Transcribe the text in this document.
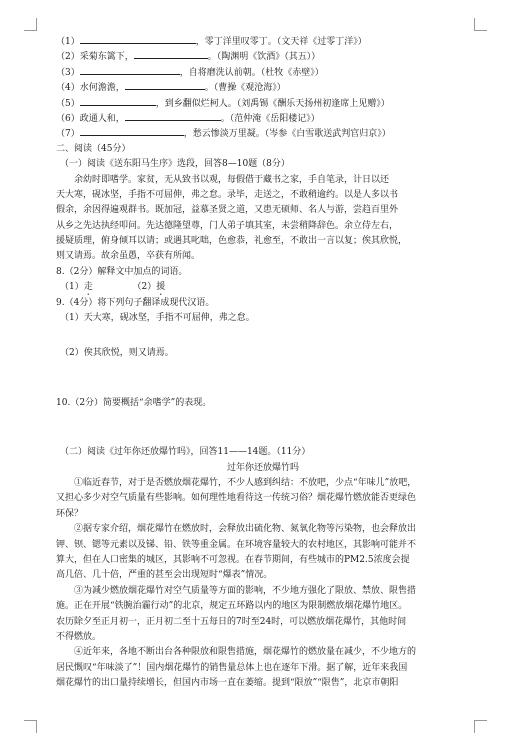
（1）	，零丁洋里叹零丁。（文天祥《过零丁洋》）
（2）采菊东篱下，	。（陶渊明《饮酒》（其五））
（3）	，自将磨洗认前朝。（杜牧《赤壁》）
（4）水何澹澹，	。（曹操《观沧海》）
（5）	，到乡翻似烂柯人。（刘禹锡《酬乐天扬州初逢席上见赠》）
（6）政通人和，	。（范仲淹《岳阳楼记》）
（7）	，愁云惨淡万里凝。（岑参《白雪歌送武判官归京》）
二、阅读（45分）
（一）阅读《送东阳马生序》选段，回答8—10题（8分）
余幼时即嗜学。家贫，无从致书以观，每假借于藏书之家，手自笔录，计日以还
天大寒，砚冰坚，手指不可屈伸，弗之怠。录毕，走送之，不敢稍逾约。以是人多以书
假余，余因得遍观群书。既加冠，益慕圣贤之道，又患无硕师、名人与游，尝趋百里外
从乡之先达执经叩问。先达德隆望尊，门人弟子填其室，未尝稍降辞色。余立侍左右，
援疑质理，俯身倾耳以请；或遇其叱咄，色愈恭，礼愈至，不敢出一言以复；俟其欣悦，
则又请焉。故余虽愚，卒获有所闻。
8.（2分）解释文中加点的词语。
（1）走	（2）援
9.（4分）将下列句子翻译成现代汉语。
（1）天大寒，砚冰坚，手指不可屈伸，弗之怠。
（2）俟其欣悦，则又请焉。
10.（2分）简要概括“余嗜学”的表现。
（二）阅读《过年你还放爆竹吗》，回答11——14题。（11分）
过年你还放爆竹吗
①临近春节，对于是否燃放烟花爆竹，不少人感到纠结：不放吧，少点“年味儿”放吧，
又担心多少对空气质量有些影响。如何理性地看待这一传统习俗？烟花爆竹燃放能否更绿色
环保？
②据专家介绍，烟花爆竹在燃放时，会释放出硫化物、氮氧化物等污染物，也会释放出
钾、钡、锶等元素以及锑、铅、铁等重金属。在环境容量较大的农村地区，其影响可能并不
算大，但在人口密集的城区，其影响不可忽视。在春节期间，有些城市的PM2.5浓度会提
高几倍、几十倍，严重的甚至会出现短时“爆表”情况。
③为减少燃放烟花爆竹对空气质量等方面的影响，不少地方强化了限放、禁放、限售措
施。正在开展“铁腕治霾行动”的北京，规定五环路以内的地区为限制燃放烟花爆竹地区。
农历除夕至正月初一，正月初二至十五每日的7时至24时，可以燃放烟花爆竹，其他时间
不得燃放。
④近年来，各地不断出台各种限放和限售措施，烟花爆竹的燃放量在减少，不少地方的
居民慨叹“年味淡了”！国内烟花爆竹的销售量总体上也在逐年下滑。据了解，近年来我国
烟花爆竹的出口量持续增长，但国内市场一直在萎缩。提到“限放”“限售”，北京市朝阳
